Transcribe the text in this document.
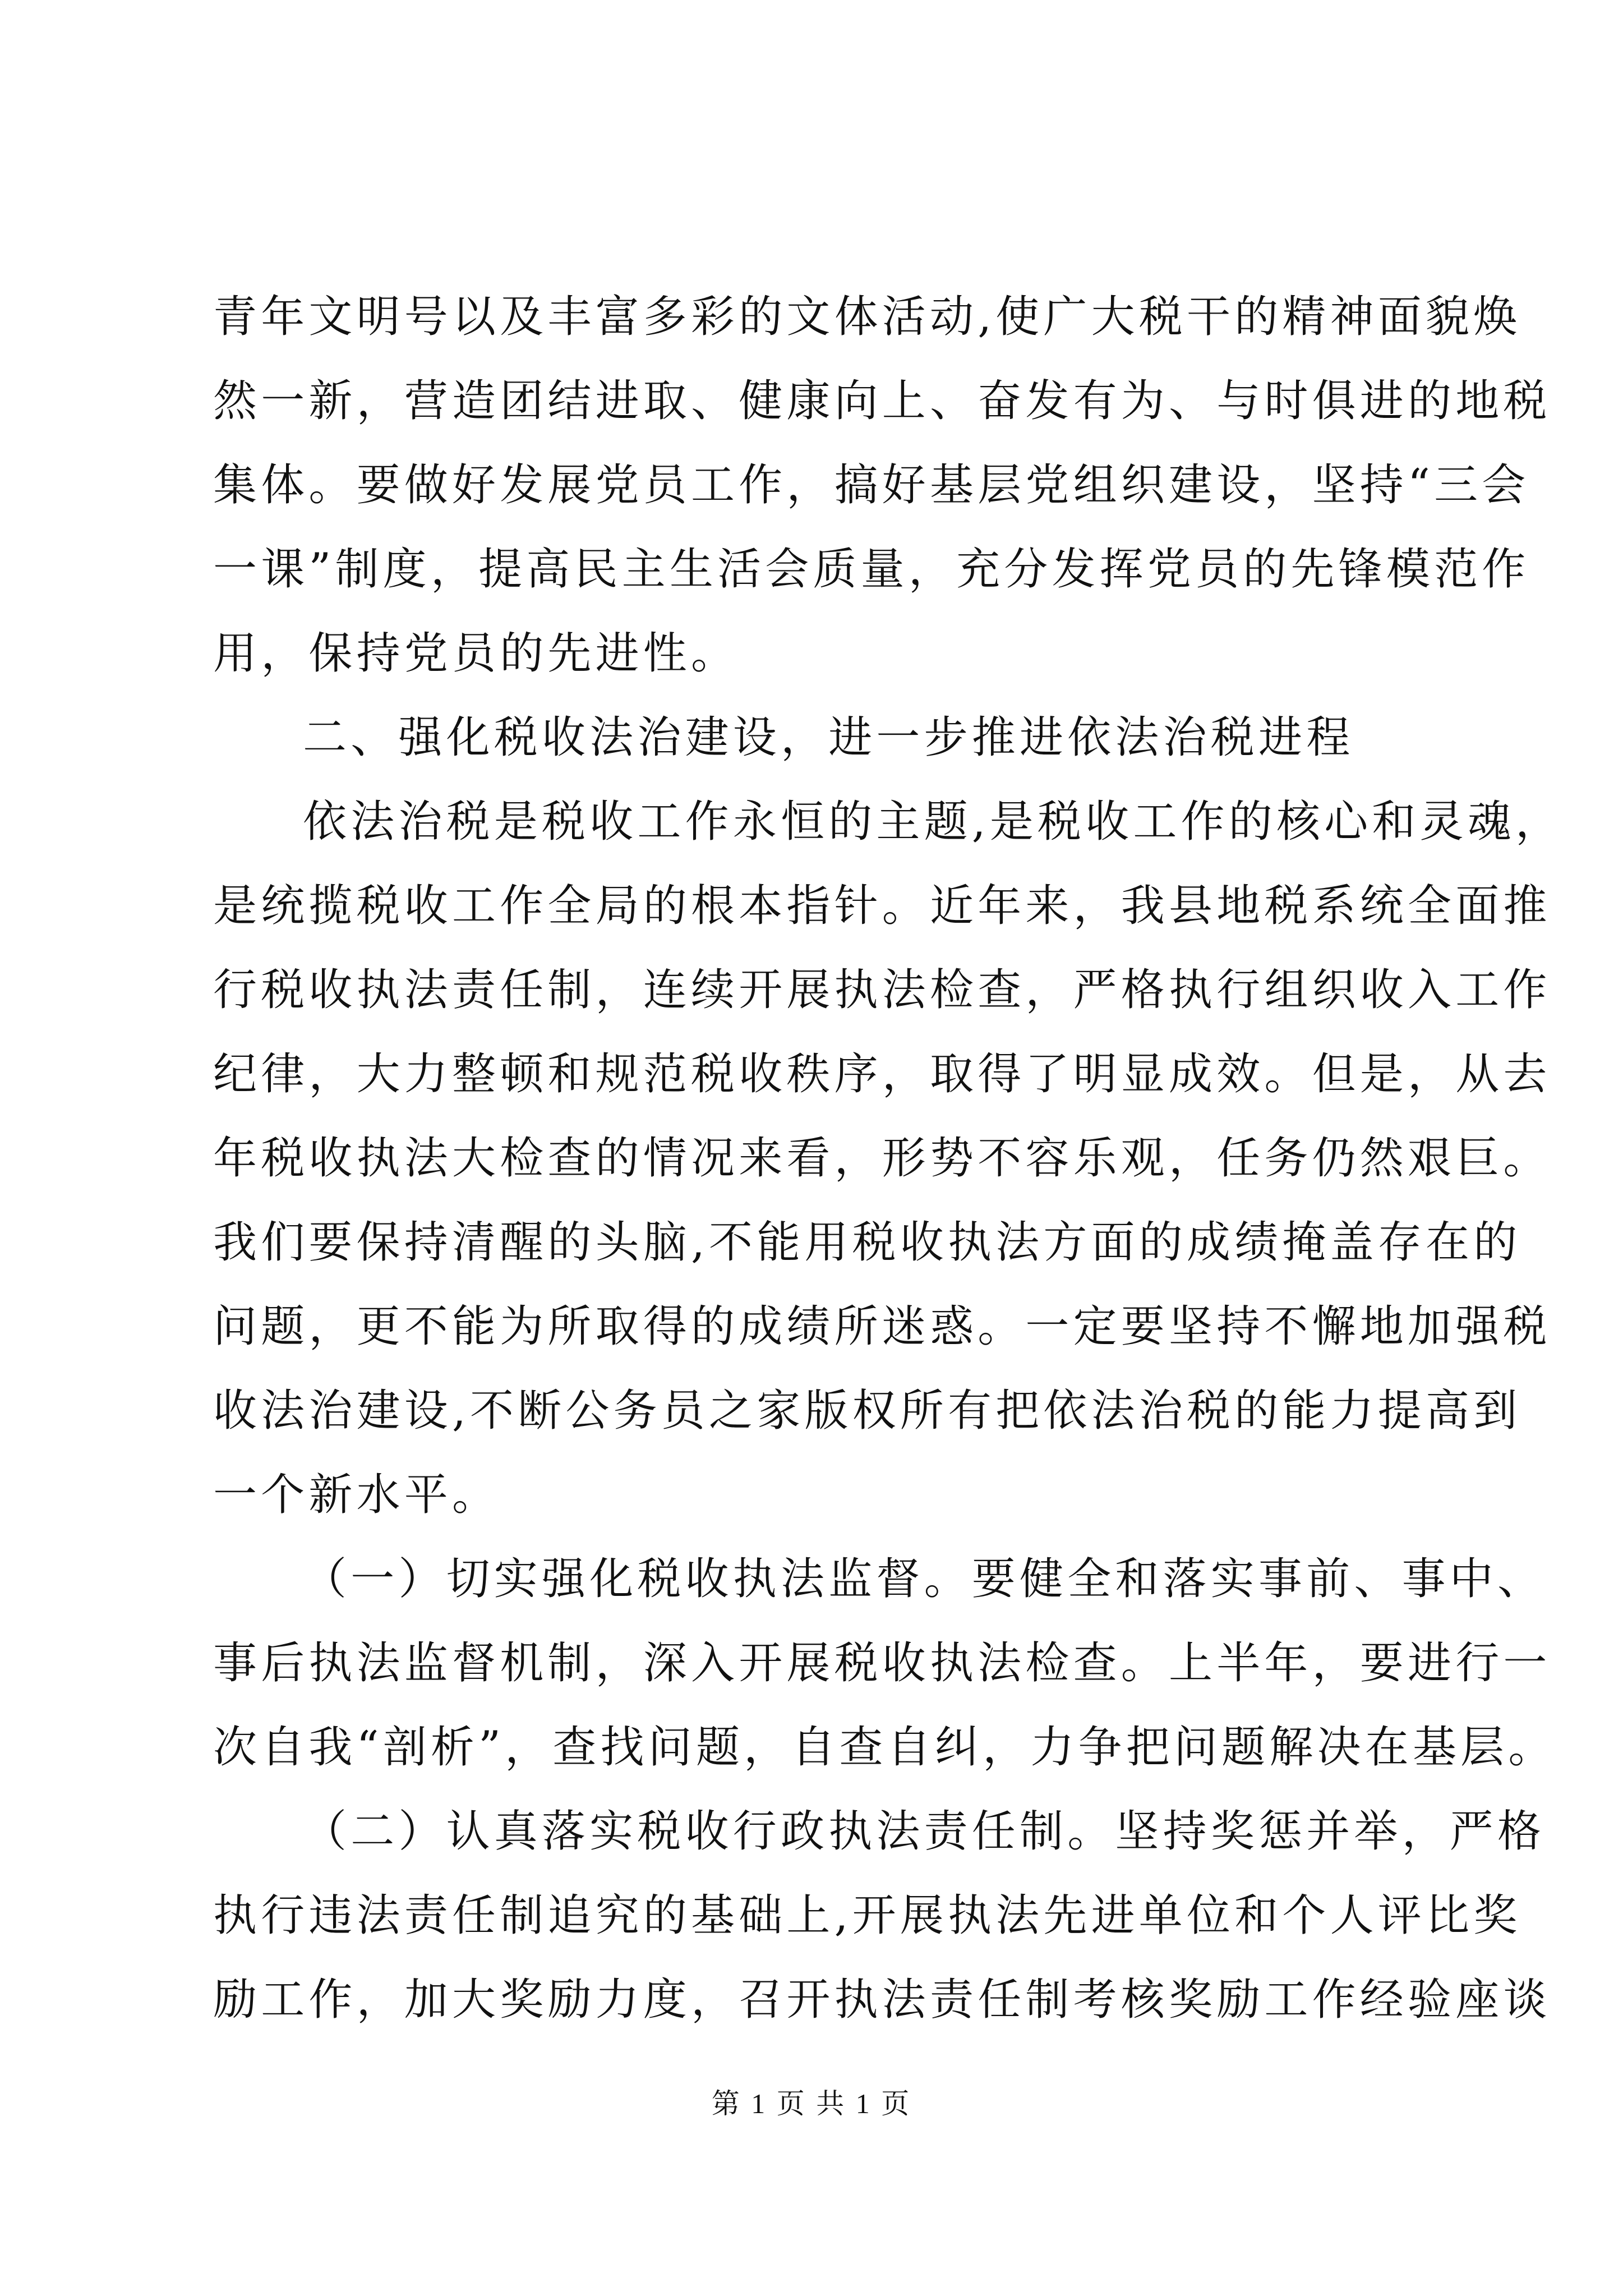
青年文明号以及丰富多彩的文体活动,使广大税干的精神面貌焕
然一新，营造团结进取、健康向上、奋发有为、与时俱进的地税
集体。要做好发展党员工作，搞好基层党组织建设，坚持“三会
一课”制度，提高民主生活会质量，充分发挥党员的先锋模范作
用，保持党员的先进性。
二、强化税收法治建设，进一步推进依法治税进程
依法治税是税收工作永恒的主题,是税收工作的核心和灵魂，
是统揽税收工作全局的根本指针。近年来，我县地税系统全面推
行税收执法责任制，连续开展执法检查，严格执行组织收入工作
纪律，大力整顿和规范税收秩序，取得了明显成效。但是，从去
年税收执法大检查的情况来看，形势不容乐观，任务仍然艰巨。
我们要保持清醒的头脑,不能用税收执法方面的成绩掩盖存在的
问题，更不能为所取得的成绩所迷惑。一定要坚持不懈地加强税
收法治建设,不断公务员之家版权所有把依法治税的能力提高到
一个新水平。
（一）切实强化税收执法监督。要健全和落实事前、事中、
事后执法监督机制，深入开展税收执法检查。上半年，要进行一
次自我“剖析”，查找问题，自查自纠，力争把问题解决在基层。
（二）认真落实税收行政执法责任制。坚持奖惩并举，严格
执行违法责任制追究的基础上,开展执法先进单位和个人评比奖
励工作，加大奖励力度，召开执法责任制考核奖励工作经验座谈
第 1 页 共 1 页
